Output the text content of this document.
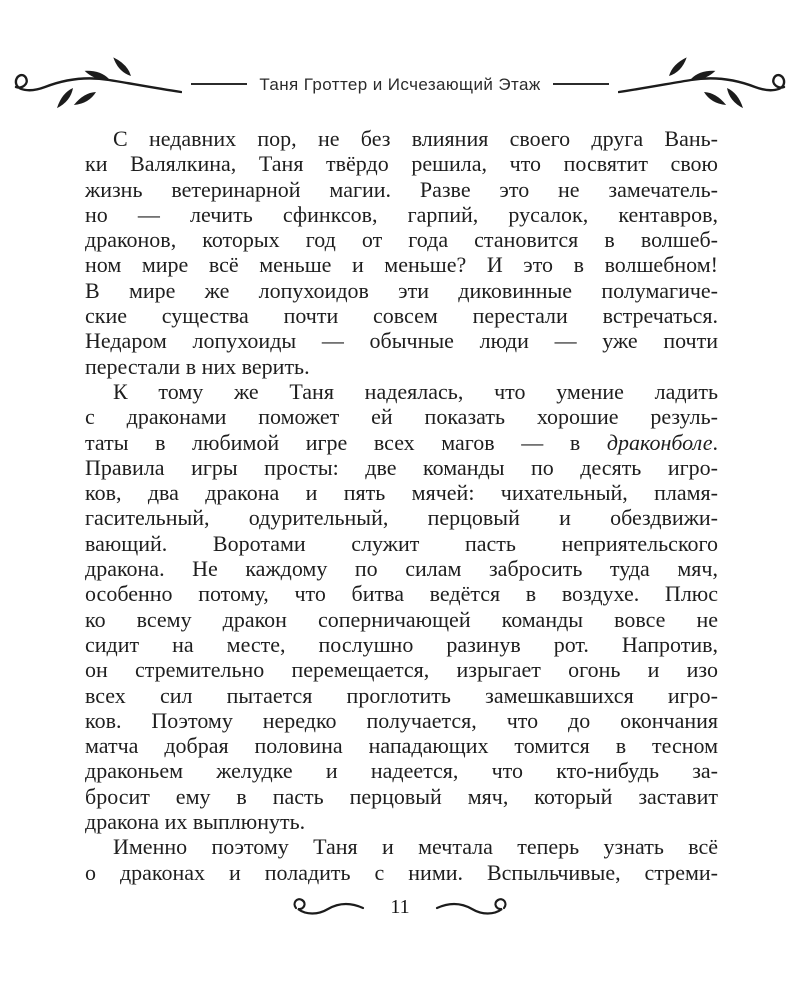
Таня Гроттер и Исчезающий Этаж
С недавних пор, не без влияния своего друга Вань-
ки Валялкина, Таня твёрдо решила, что посвятит свою
жизнь ветеринарной магии. Разве это не замечатель-
но — лечить сфинксов, гарпий, русалок, кентавров,
драконов, которых год от года становится в волшеб-
ном мире всё меньше и меньше? И это в волшебном!
В мире же лопухоидов эти диковинные полумагиче-
ские существа почти совсем перестали встречаться.
Недаром лопухоиды — обычные люди — уже почти
перестали в них верить.
К тому же Таня надеялась, что умение ладить
с драконами поможет ей показать хорошие резуль-
таты в любимой игре всех магов — в драконболе.
Правила игры просты: две команды по десять игро-
ков, два дракона и пять мячей: чихательный, пламя-
гасительный, одурительный, перцовый и обездвижи-
вающий. Воротами служит пасть неприятельского
дракона. Не каждому по силам забросить туда мяч,
особенно потому, что битва ведётся в воздухе. Плюс
ко всему дракон соперничающей команды вовсе не
сидит на месте, послушно разинув рот. Напротив,
он стремительно перемещается, изрыгает огонь и изо
всех сил пытается проглотить замешкавшихся игро-
ков. Поэтому нередко получается, что до окончания
матча добрая половина нападающих томится в тесном
драконьем желудке и надеется, что кто-нибудь за-
бросит ему в пасть перцовый мяч, который заставит
дракона их выплюнуть.
Именно поэтому Таня и мечтала теперь узнать всё
о драконах и поладить с ними. Вспыльчивые, стреми-
11
